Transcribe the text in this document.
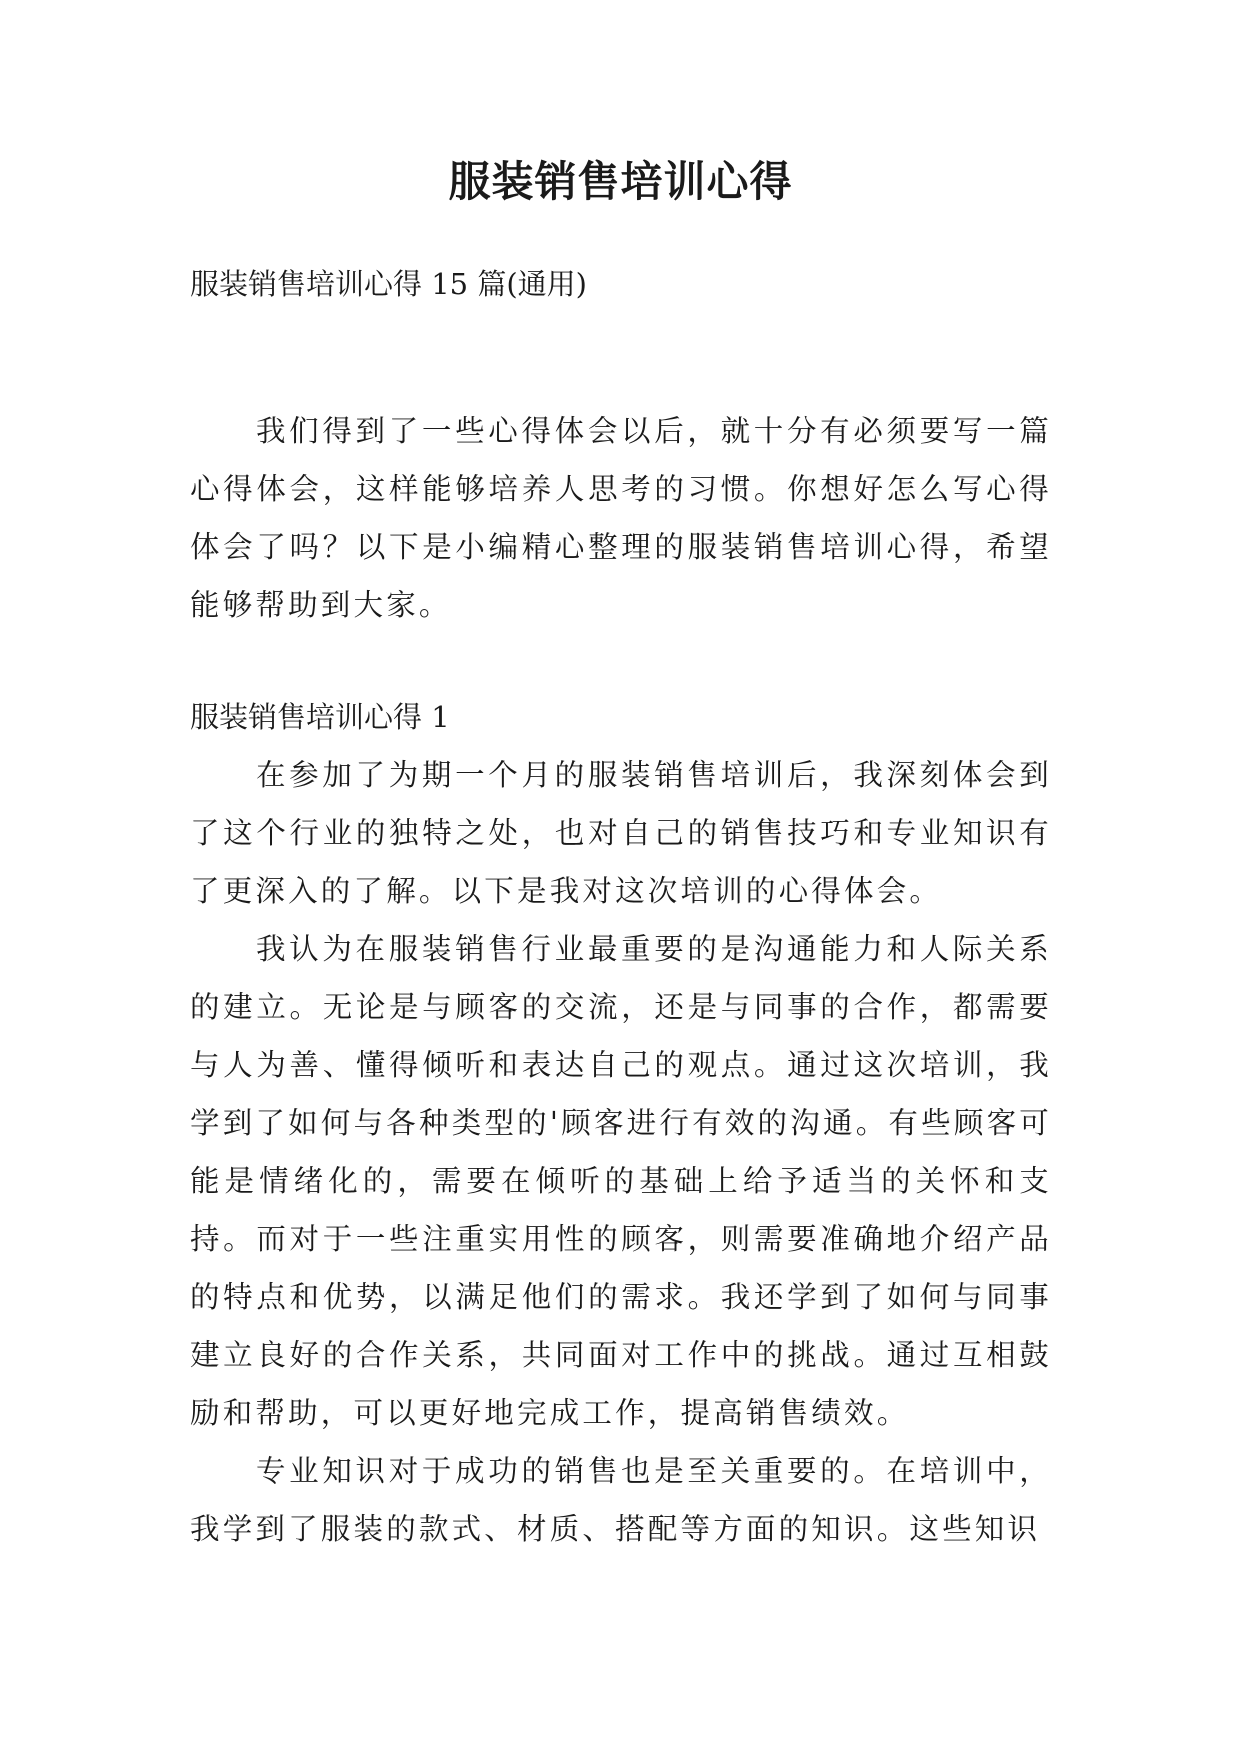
服装销售培训心得

服装销售培训心得 15 篇(通用)

我们得到了一些心得体会以后，就十分有必须要写一篇心得体会，这样能够培养人思考的习惯。你想好怎么写心得体会了吗？以下是小编精心整理的服装销售培训心得，希望能够帮助到大家。

服装销售培训心得 1

在参加了为期一个月的服装销售培训后，我深刻体会到了这个行业的独特之处，也对自己的销售技巧和专业知识有了更深入的了解。以下是我对这次培训的心得体会。

我认为在服装销售行业最重要的是沟通能力和人际关系的建立。无论是与顾客的交流，还是与同事的合作，都需要与人为善、懂得倾听和表达自己的观点。通过这次培训，我学到了如何与各种类型的'顾客进行有效的沟通。有些顾客可能是情绪化的，需要在倾听的基础上给予适当的关怀和支持。而对于一些注重实用性的顾客，则需要准确地介绍产品的特点和优势，以满足他们的需求。我还学到了如何与同事建立良好的合作关系，共同面对工作中的挑战。通过互相鼓励和帮助，可以更好地完成工作，提高销售绩效。

专业知识对于成功的销售也是至关重要的。在培训中，我学到了服装的款式、材质、搭配等方面的知识。这些知识
